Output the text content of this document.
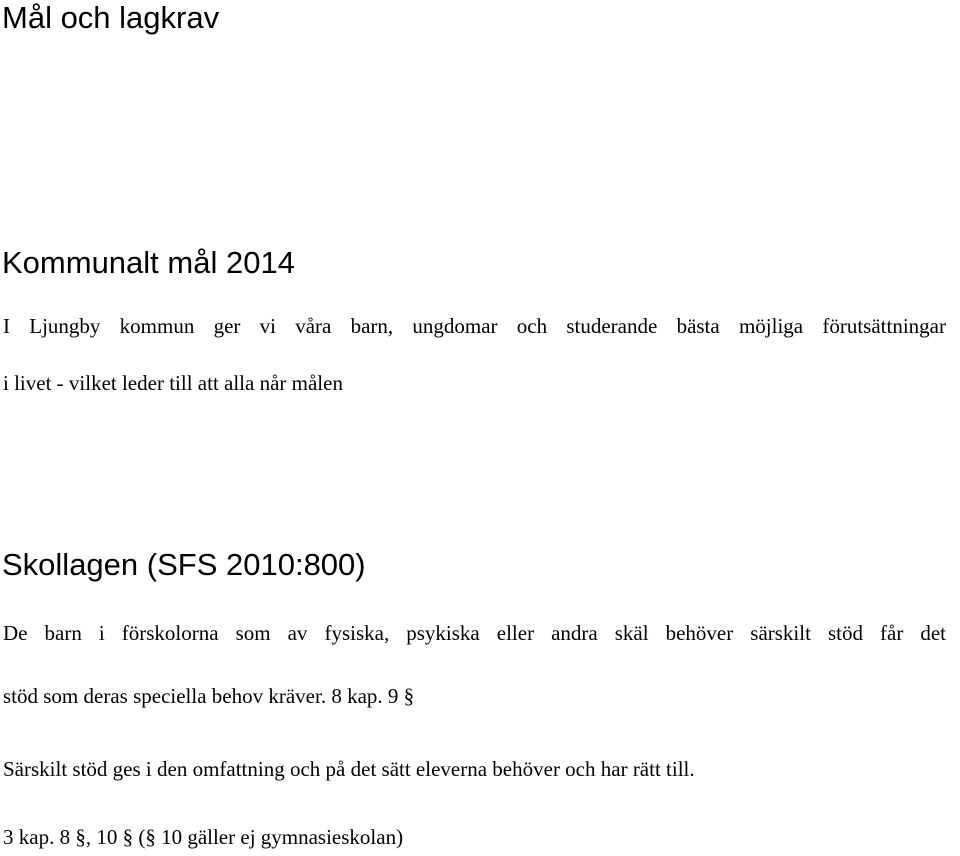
Mål och lagkrav
Kommunalt mål 2014

I Ljungby kommun ger vi våra barn, ungdomar och studerande bästa möjliga förutsättningar

i livet - vilket leder till att alla når målen

Skollagen (SFS 2010:800)

De barn i förskolorna som av fysiska, psykiska eller andra skäl behöver särskilt stöd får det

stöd som deras speciella behov kräver. 8 kap. 9 §

Särskilt stöd ges i den omfattning och på det sätt eleverna behöver och har rätt till.

3 kap. 8 §, 10 § (§ 10 gäller ej gymnasieskolan)
